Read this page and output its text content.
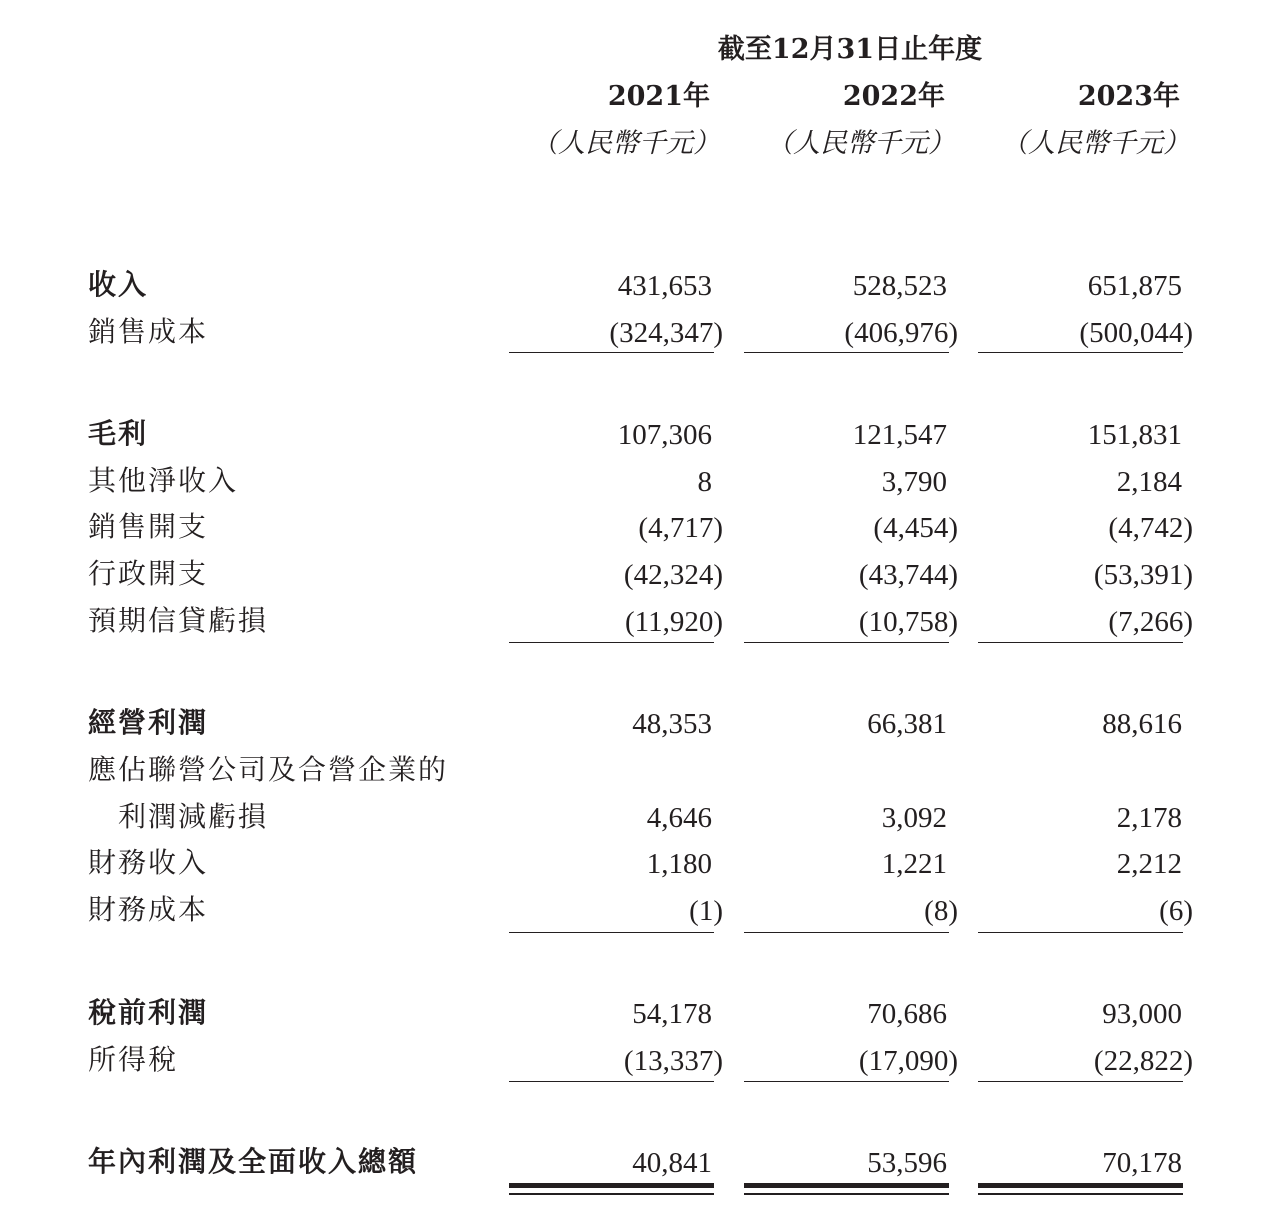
截至12月31日止年度
2021年	2022年	2023年
（人民幣千元）	（人民幣千元）	（人民幣千元）
收入	431,653	528,523	651,875
銷售成本	(324,347)	(406,976)	(500,044)
毛利	107,306	121,547	151,831
其他淨收入	8	3,790	2,184
銷售開支	(4,717)	(4,454)	(4,742)
行政開支	(42,324)	(43,744)	(53,391)
預期信貸虧損	(11,920)	(10,758)	(7,266)
經營利潤	48,353	66,381	88,616
應佔聯營公司及合營企業的
利潤減虧損	4,646	3,092	2,178
財務收入	1,180	1,221	2,212
財務成本	(1)	(8)	(6)
稅前利潤	54,178	70,686	93,000
所得稅	(13,337)	(17,090)	(22,822)
年內利潤及全面收入總額	40,841	53,596	70,178
